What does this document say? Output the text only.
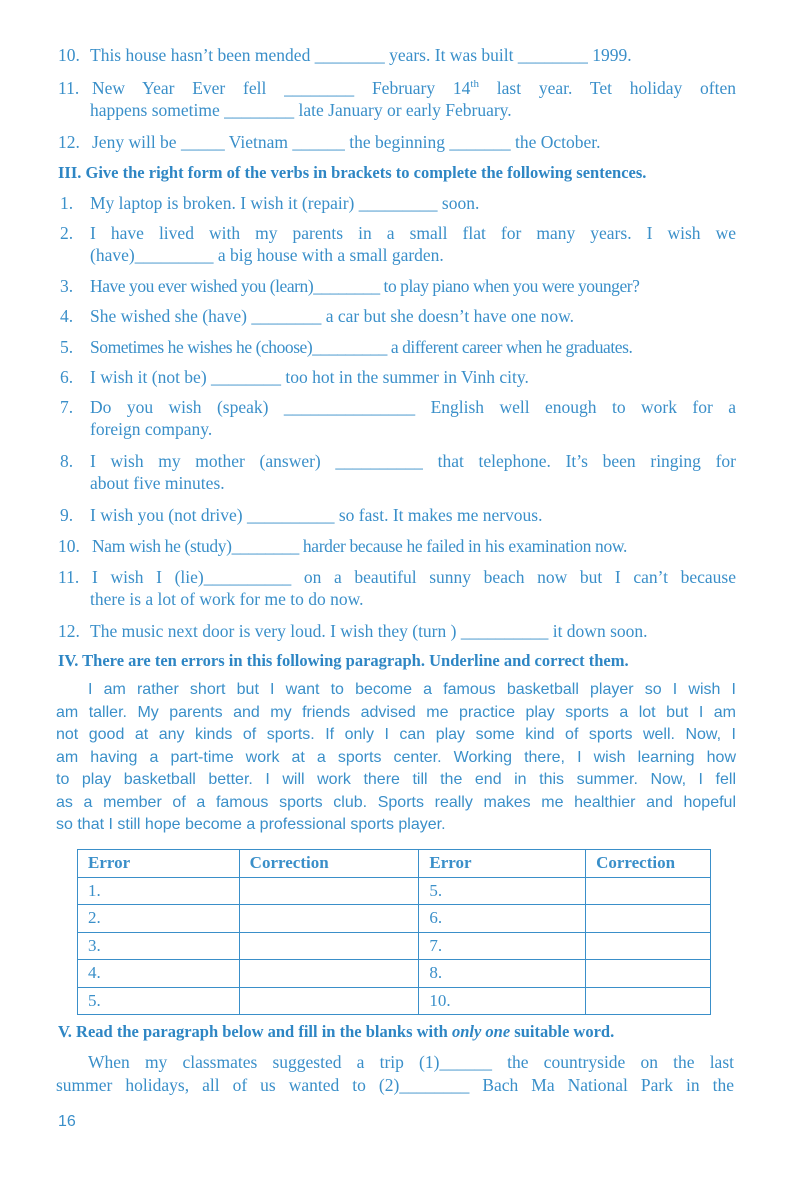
10. This house hasn’t been mended ________ years. It was built ________ 1999.
11. New Year Ever fell ________ February 14th last year. Tet holiday often
happens sometime ________ late January or early February.
12. Jeny will be _____ Vietnam ______ the beginning _______ the October.
III. Give the right form of the verbs in brackets to complete the following sentences.
1. My laptop is broken. I wish it (repair) _________ soon.
2. I have lived with my parents in a small flat for many years. I wish we
(have)_________ a big house with a small garden.
3. Have you ever wished you (learn)________ to play piano when you were younger?
4. She wished she (have) ________ a car but she doesn’t have one now.
5. Sometimes he wishes he (choose)_________ a different career when he graduates.
6. I wish it (not be) ________ too hot in the summer in Vinh city.
7. Do you wish (speak) _______________ English well enough to work for a
foreign company.
8. I wish my mother (answer) __________ that telephone. It’s been ringing for
about five minutes.
9. I wish you (not drive) __________ so fast. It makes me nervous.
10. Nam wish he (study)________ harder because he failed in his examination now.
11. I wish I (lie)__________ on a beautiful sunny beach now but I can’t because
there is a lot of work for me to do now.
12. The music next door is very loud. I wish they (turn ) __________ it down soon.
IV. There are ten errors in this following paragraph. Underline and correct them.
I am rather short but I want to become a famous basketball player so I wish I
am taller. My parents and my friends advised me practice play sports a lot but I am
not good at any kinds of sports. If only I can play some kind of sports well. Now, I
am having a part-time work at a sports center. Working there, I wish learning how
to play basketball better. I will work there till the end in this summer. Now, I fell
as a member of a famous sports club. Sports really makes me healthier and hopeful
so that I still hope become a professional sports player.
Error	Correction	Error	Correction
1.		5.	
2.		6.	
3.		7.	
4.		8.	
5.		10.	
V. Read the paragraph below and fill in the blanks with only one suitable word.
When my classmates suggested a trip (1)______ the countryside on the last
summer holidays, all of us wanted to (2)________ Bach Ma National Park in the
16
